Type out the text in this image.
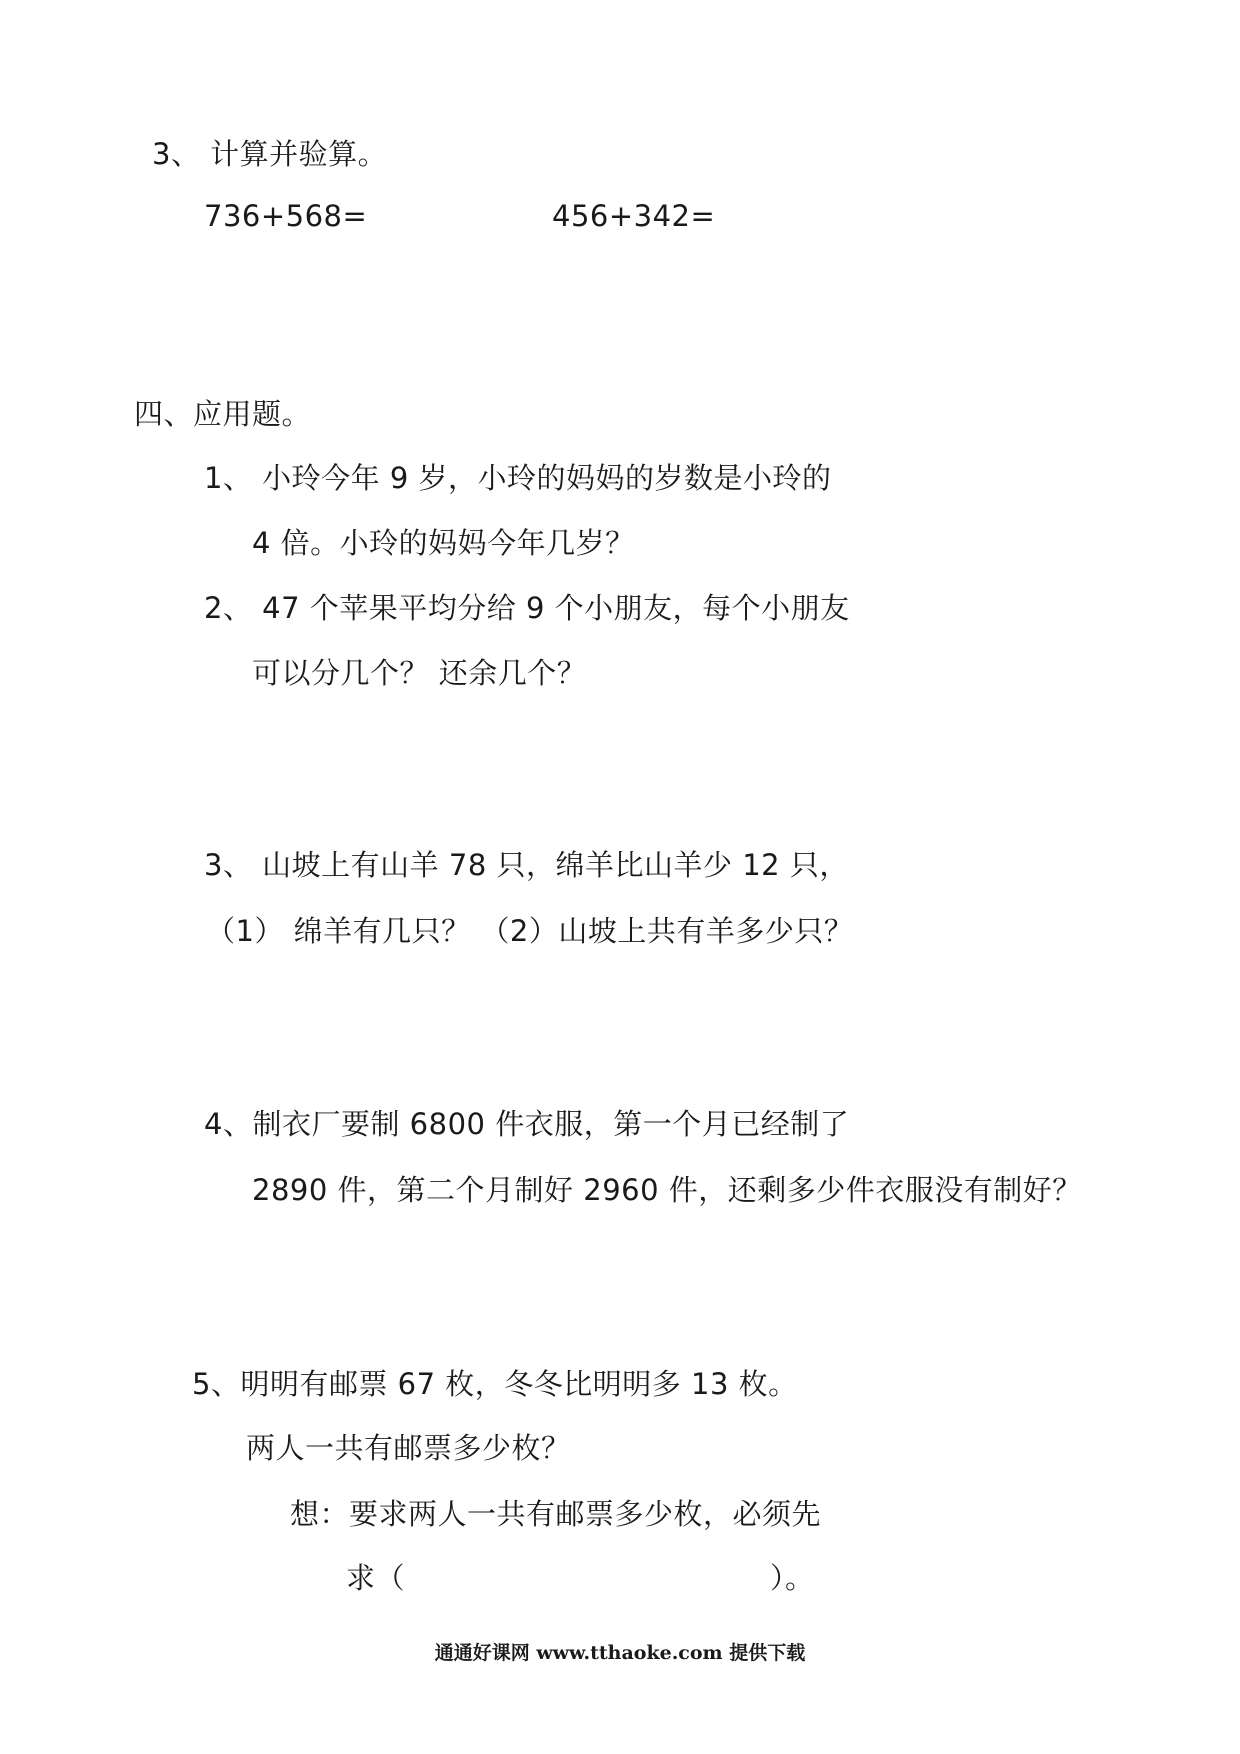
3、 计算并验算。
736+568=	456+342=
四、应用题。
1、 小玲今年 9 岁，小玲的妈妈的岁数是小玲的
4 倍。小玲的妈妈今年几岁？
2、 47 个苹果平均分给 9 个小朋友，每个小朋友
可以分几个？ 还余几个？
3、 山坡上有山羊 78 只，绵羊比山羊少 12 只，
（1） 绵羊有几只？ （2）山坡上共有羊多少只？
4、制衣厂要制 6800 件衣服，第一个月已经制了
2890 件，第二个月制好 2960 件，还剩多少件衣服没有制好？
5、明明有邮票 67 枚，冬冬比明明多 13 枚。
两人一共有邮票多少枚？
想：要求两人一共有邮票多少枚，必须先
求（	）。
通通好课网 www.tthaoke.com 提供下载
